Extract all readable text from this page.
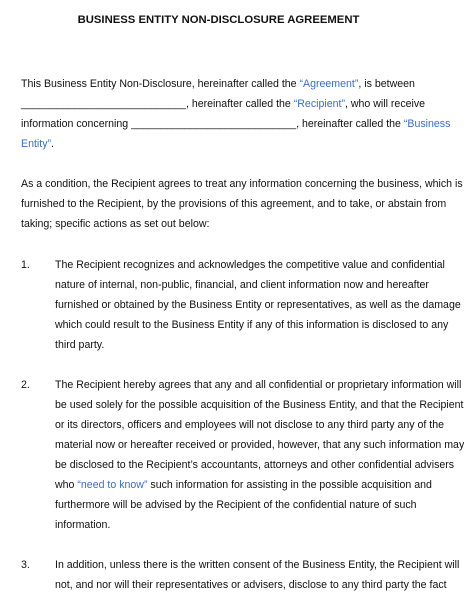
BUSINESS ENTITY NON-DISCLOSURE AGREEMENT
This Business Entity Non-Disclosure, hereinafter called the “Agreement”, is between
____________________________, hereinafter called the “Recipient”, who will receive
information concerning ____________________________, hereinafter called the “Business
Entity”.
As a condition, the Recipient agrees to treat any information concerning the business, which is
furnished to the Recipient, by the provisions of this agreement, and to take, or abstain from
taking; specific actions as set out below:
1. The Recipient recognizes and acknowledges the competitive value and confidential
nature of internal, non-public, financial, and client information now and hereafter
furnished or obtained by the Business Entity or representatives, as well as the damage
which could result to the Business Entity if any of this information is disclosed to any
third party.
2. The Recipient hereby agrees that any and all confidential or proprietary information will
be used solely for the possible acquisition of the Business Entity, and that the Recipient
or its directors, officers and employees will not disclose to any third party any of the
material now or hereafter received or provided, however, that any such information may
be disclosed to the Recipient’s accountants, attorneys and other confidential advisers
who “need to know” such information for assisting in the possible acquisition and
furthermore will be advised by the Recipient of the confidential nature of such
information.
3. In addition, unless there is the written consent of the Business Entity, the Recipient will
not, and nor will their representatives or advisers, disclose to any third party the fact
